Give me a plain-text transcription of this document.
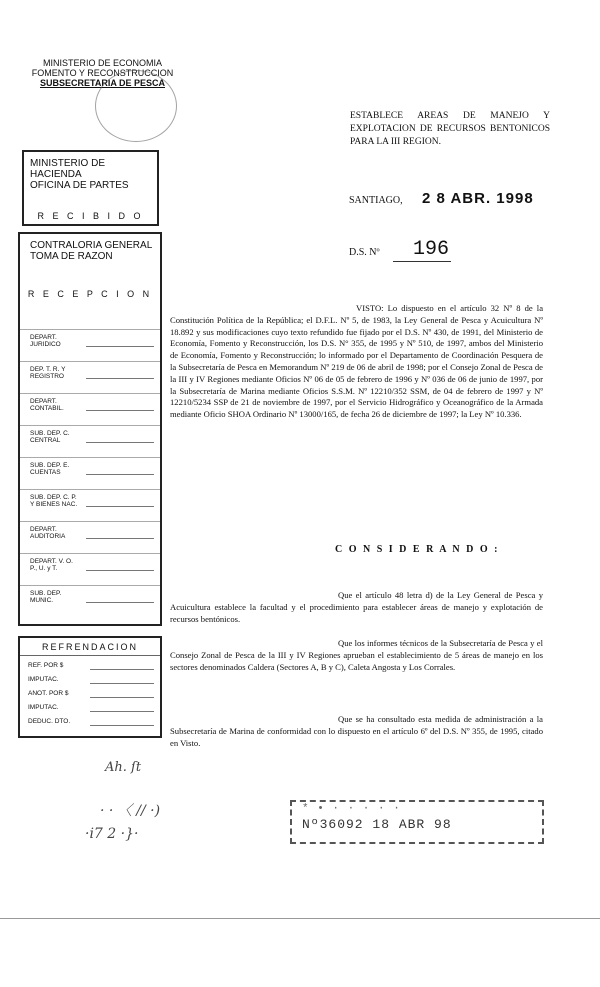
MINISTERIO DE ECONOMIA
FOMENTO Y RECONSTRUCCION
SUBSECRETARIA DE PESCA
MINISTERIO DE HACIENDA
OFICINA DE PARTES
R E C I B I D O
CONTRALORIA GENERAL
TOMA DE RAZON
R E C E P C I O N
DEPART. JURIDICO
DEP. T. R. Y REGISTRO
DEPART. CONTABIL.
SUB. DEP. C. CENTRAL
SUB. DEP. E. CUENTAS
SUB. DEP. C. P. Y BIENES NAC.
DEPART. AUDITORIA
DEPART. V. O. P., U. y T.
SUB. DEP. MUNIC.
REFRENDACION
REF. POR $
IMPUTAC.
ANOT. POR $
IMPUTAC.
DEDUC. DTO.
ESTABLECE AREAS DE MANEJO Y EXPLOTACION DE RECURSOS BENTONICOS PARA LA III REGION.
SANTIAGO, 2 8 ABR. 1998
D.S. Nº 196
VISTO: Lo dispuesto en el artículo 32 Nº 8 de la Constitución Política de la República; el D.F.L. Nº 5, de 1983, la Ley General de Pesca y Acuicultura Nº 18.892 y sus modificaciones cuyo texto refundido fue fijado por el D.S. Nº 430, de 1991, del Ministerio de Economía, Fomento y Reconstrucción, los D.S. N° 355, de 1995 y Nº 510, de 1997, ambos del Ministerio de Economía, Fomento y Reconstrucción; lo informado por el Departamento de Coordinación Pesquera de la Subsecretaría de Pesca en Memorandum Nº 219 de 06 de abril de 1998; por el Consejo Zonal de Pesca de la III y IV Regiones mediante Oficios Nº 06 de 05 de febrero de 1996 y Nº 036 de 06 de junio de 1997, por la Subsecretaría de Marina mediante Oficios S.S.M. Nº 12210/352 SSM, de 04 de febrero de 1997 y Nº 12210/5234 SSP de 21 de noviembre de 1997, por el Servicio Hidrográfico y Oceanográfico de la Armada mediante Oficio SHOA Ordinario Nº 13000/165, de fecha 26 de diciembre de 1997; la Ley Nº 10.336.
C O N S I D E R A N D O :
Que el artículo 48 letra d) de la Ley General de Pesca y Acuicultura establece la facultad y el procedimiento para establecer áreas de manejo y explotación de recursos bentónicos.
Que los informes técnicos de la Subsecretaría de Pesca y el Consejo Zonal de Pesca de la III y IV Regiones aprueban el establecimiento de 5 áreas de manejo en los sectores denominados Caldera (Sectores A, B y C), Caleta Angosta y Los Corrales.
Que se ha consultado esta medida de administración a la Subsecretaría de Marina de conformidad con lo dispuesto en el artículo 6º del D.S. Nº 355, de 1995, citado en Visto.
Ah. ſt
· · 〈 // ·)
·i7 2 ·}·
* • · · · · ·
Nº36092 18 ABR 98
